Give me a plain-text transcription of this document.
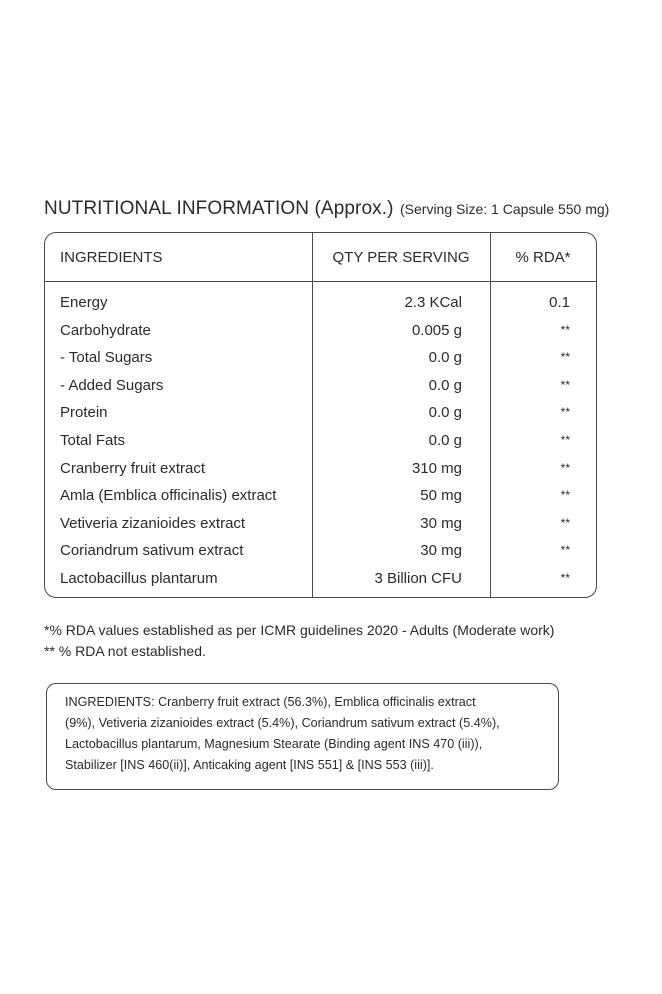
NUTRITIONAL INFORMATION (Approx.) (Serving Size: 1 Capsule 550 mg)
INGREDIENTS	QTY PER SERVING	% RDA*
Energy	2.3 KCal	0.1
Carbohydrate	0.005 g	**
- Total Sugars	0.0 g	**
- Added Sugars	0.0 g	**
Protein	0.0 g	**
Total Fats	0.0 g	**
Cranberry fruit extract	310 mg	**
Amla (Emblica officinalis) extract	50 mg	**
Vetiveria zizanioides extract	30 mg	**
Coriandrum sativum extract	30 mg	**
Lactobacillus plantarum	3 Billion CFU	**
*% RDA values established as per ICMR guidelines 2020 - Adults (Moderate work)
** % RDA not established.

INGREDIENTS: Cranberry fruit extract (56.3%), Emblica officinalis extract

(9%), Vetiveria zizanioides extract (5.4%), Coriandrum sativum extract (5.4%),

Lactobacillus plantarum, Magnesium Stearate (Binding agent INS 470 (iii)),

Stabilizer [INS 460(ii)], Anticaking agent [INS 551] & [INS 553 (iii)].
